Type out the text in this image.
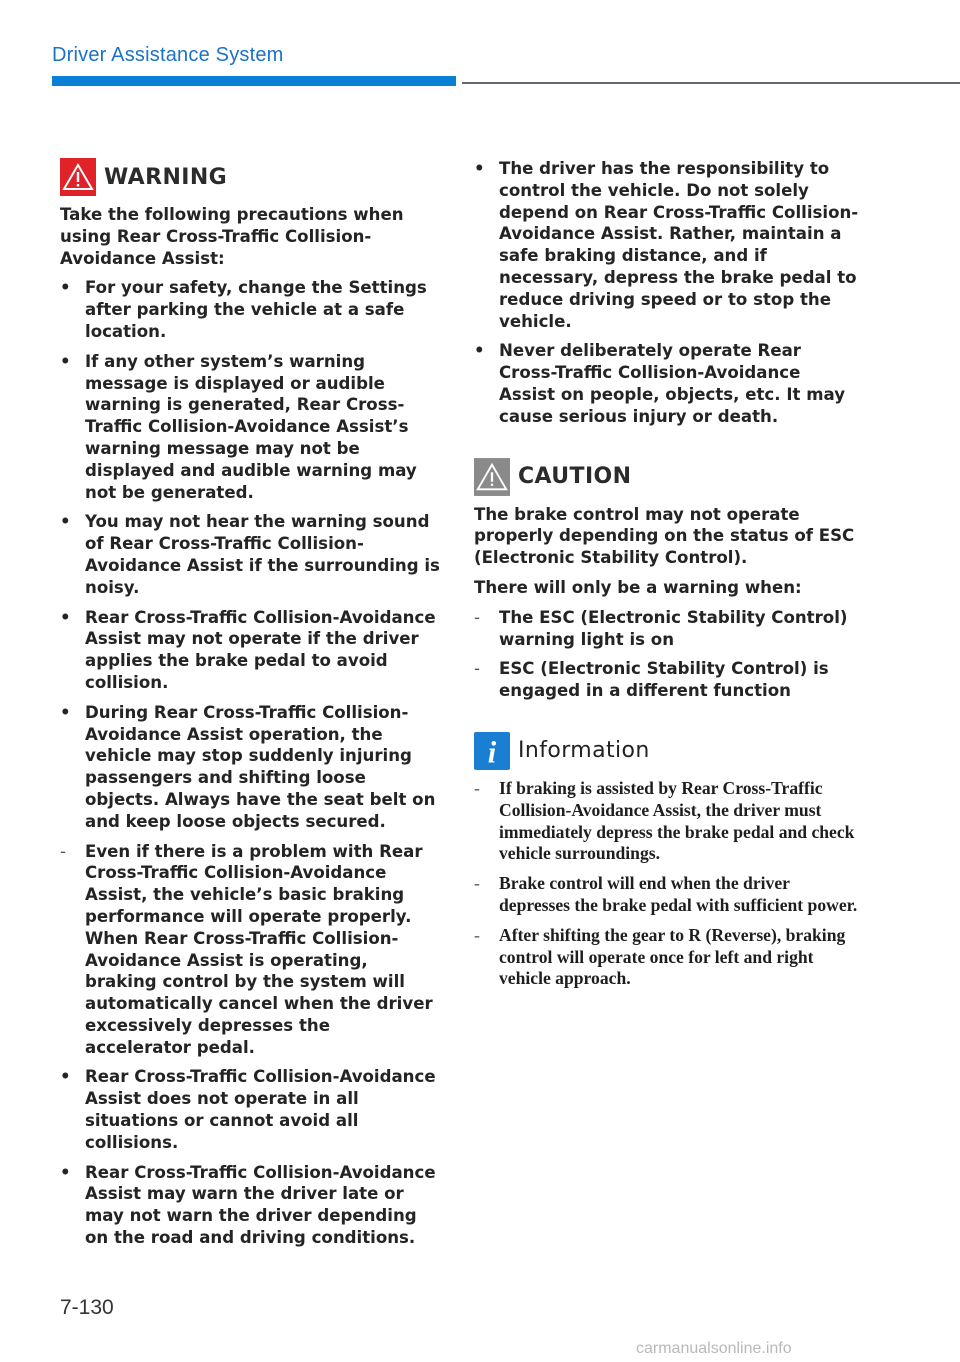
Driver Assistance System
WARNING

Take the following precautions when using Rear Cross-Traffic Collision-Avoidance Assist:

• For your safety, change the Settings after parking the vehicle at a safe location.
• If any other system’s warning message is displayed or audible warning is generated, Rear Cross-Traffic Collision-Avoidance Assist’s warning message may not be displayed and audible warning may not be generated.
• You may not hear the warning sound of Rear Cross-Traffic Collision-Avoidance Assist if the surrounding is noisy.
• Rear Cross-Traffic Collision-Avoidance Assist may not operate if the driver applies the brake pedal to avoid collision.
• During Rear Cross-Traffic Collision-Avoidance Assist operation, the vehicle may stop suddenly injuring passengers and shifting loose objects. Always have the seat belt on and keep loose objects secured.
-	Even if there is a problem with Rear Cross-Traffic Collision-Avoidance Assist, the vehicle’s basic braking performance will operate properly. When Rear Cross-Traffic Collision-Avoidance Assist is operating, braking control by the system will automatically cancel when the driver excessively depresses the accelerator pedal.
• Rear Cross-Traffic Collision-Avoidance Assist does not operate in all situations or cannot avoid all collisions.
• Rear Cross-Traffic Collision-Avoidance Assist may warn the driver late or may not warn the driver depending on the road and driving conditions.
• The driver has the responsibility to control the vehicle. Do not solely depend on Rear Cross-Traffic Collision-Avoidance Assist. Rather, maintain a safe braking distance, and if necessary, depress the brake pedal to reduce driving speed or to stop the vehicle.
• Never deliberately operate Rear Cross-Traffic Collision-Avoidance Assist on people, objects, etc. It may cause serious injury or death.
CAUTION

The brake control may not operate properly depending on the status of ESC (Electronic Stability Control).

There will only be a warning when:

-	The ESC (Electronic Stability Control) warning light is on
-	ESC (Electronic Stability Control) is engaged in a different function
i Information
-	If braking is assisted by Rear Cross-Traffic Collision-Avoidance Assist, the driver must immediately depress the brake pedal and check vehicle surroundings.
-	Brake control will end when the driver depresses the brake pedal with sufficient power.
-	After shifting the gear to R (Reverse), braking control will operate once for left and right vehicle approach.
7-130
carmanualsonline.info
